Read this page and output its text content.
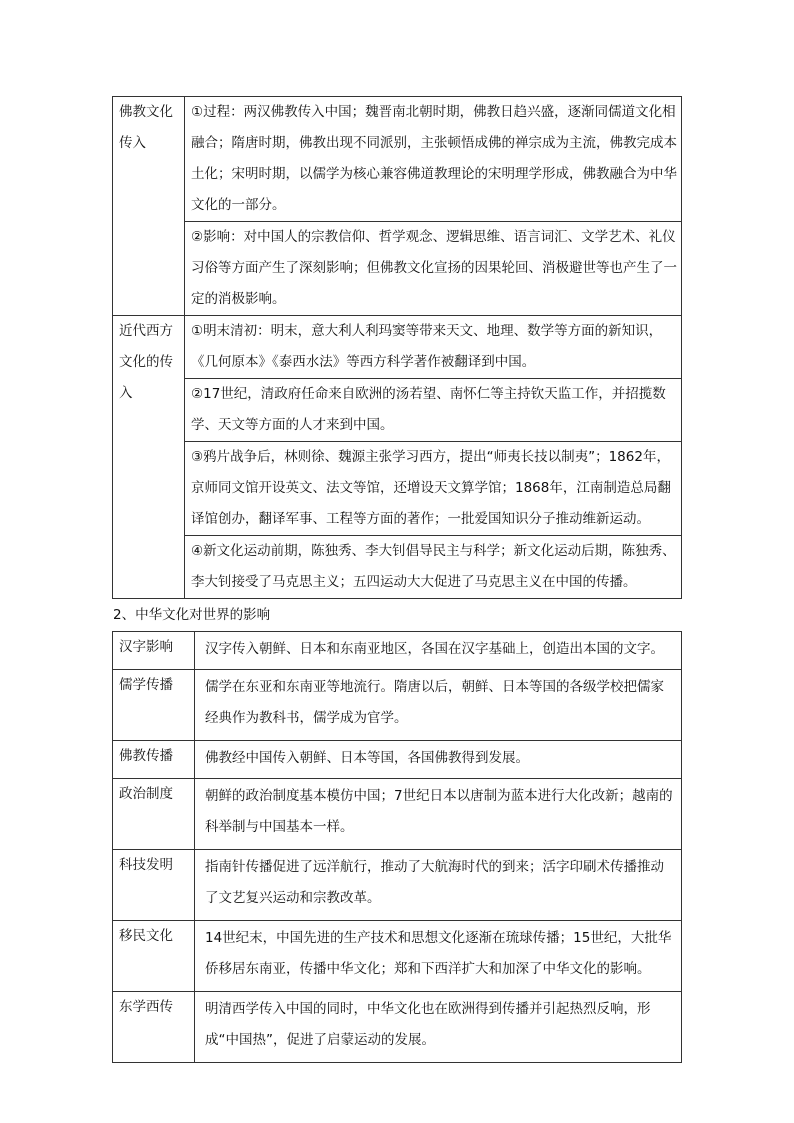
佛教文化传入	①过程：两汉佛教传入中国；魏晋南北朝时期，佛教日趋兴盛，逐渐同儒道文化相融合；隋唐时期，佛教出现不同派别，主张顿悟成佛的禅宗成为主流，佛教完成本土化；宋明时期，以儒学为核心兼容佛道教理论的宋明理学形成，佛教融合为中华文化的一部分。
	②影响：对中国人的宗教信仰、哲学观念、逻辑思维、语言词汇、文学艺术、礼仪习俗等方面产生了深刻影响；但佛教文化宣扬的因果轮回、消极避世等也产生了一定的消极影响。
近代西方文化的传入	①明末清初：明末，意大利人利玛窦等带来天文、地理、数学等方面的新知识，《几何原本》《泰西水法》等西方科学著作被翻译到中国。
	②17世纪，清政府任命来自欧洲的汤若望、南怀仁等主持钦天监工作，并招揽数学、天文等方面的人才来到中国。
	③鸦片战争后，林则徐、魏源主张学习西方，提出“师夷长技以制夷”；1862年，京师同文馆开设英文、法文等馆，还增设天文算学馆；1868年，江南制造总局翻译馆创办，翻译军事、工程等方面的著作；一批爱国知识分子推动维新运动。
	④新文化运动前期，陈独秀、李大钊倡导民主与科学；新文化运动后期，陈独秀、李大钊接受了马克思主义；五四运动大大促进了马克思主义在中国的传播。
2、中华文化对世界的影响
汉字影响	汉字传入朝鲜、日本和东南亚地区，各国在汉字基础上，创造出本国的文字。
儒学传播	儒学在东亚和东南亚等地流行。隋唐以后，朝鲜、日本等国的各级学校把儒家经典作为教科书，儒学成为官学。
佛教传播	佛教经中国传入朝鲜、日本等国，各国佛教得到发展。
政治制度	朝鲜的政治制度基本模仿中国；7世纪日本以唐制为蓝本进行大化改新；越南的科举制与中国基本一样。
科技发明	指南针传播促进了远洋航行，推动了大航海时代的到来；活字印刷术传播推动了文艺复兴运动和宗教改革。
移民文化	14世纪末，中国先进的生产技术和思想文化逐渐在琉球传播；15世纪，大批华侨移居东南亚，传播中华文化；郑和下西洋扩大和加深了中华文化的影响。
东学西传	明清西学传入中国的同时，中华文化也在欧洲得到传播并引起热烈反响，形成“中国热”，促进了启蒙运动的发展。
